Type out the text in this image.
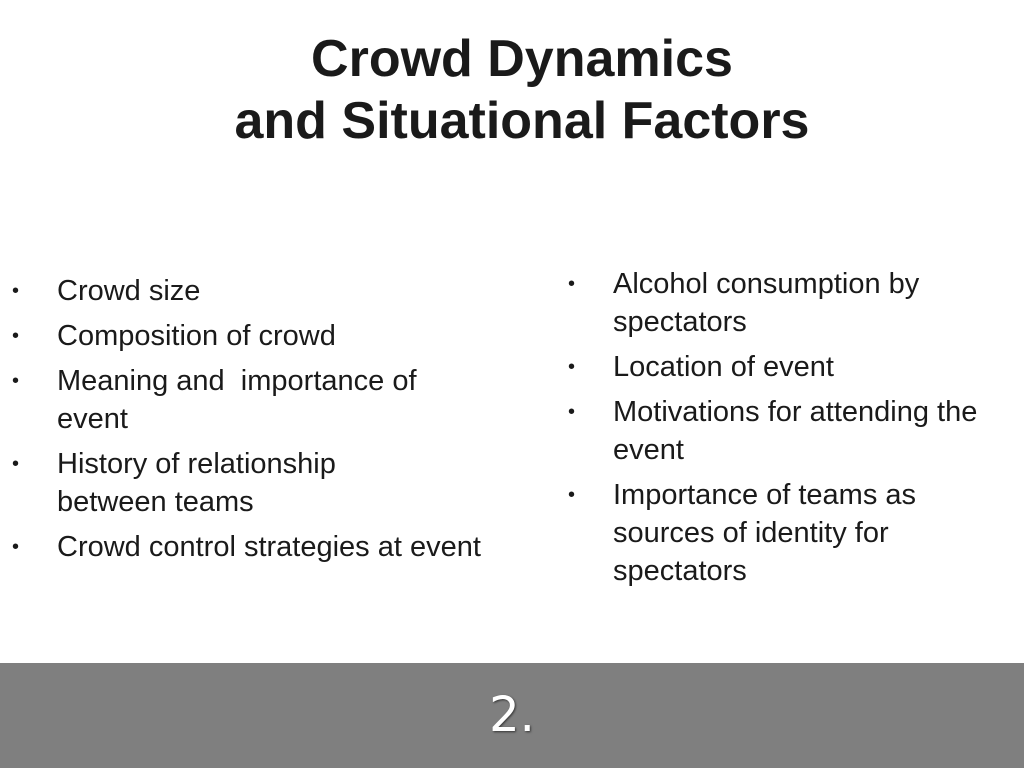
Crowd Dynamics
and Situational Factors
• Crowd size
• Composition of crowd
• Meaning and  importance of event
• History of relationship between teams
• Crowd control strategies at event
• Alcohol consumption by spectators
• Location of event
• Motivations for attending the event
• Importance of teams as sources of identity for spectators
2.
